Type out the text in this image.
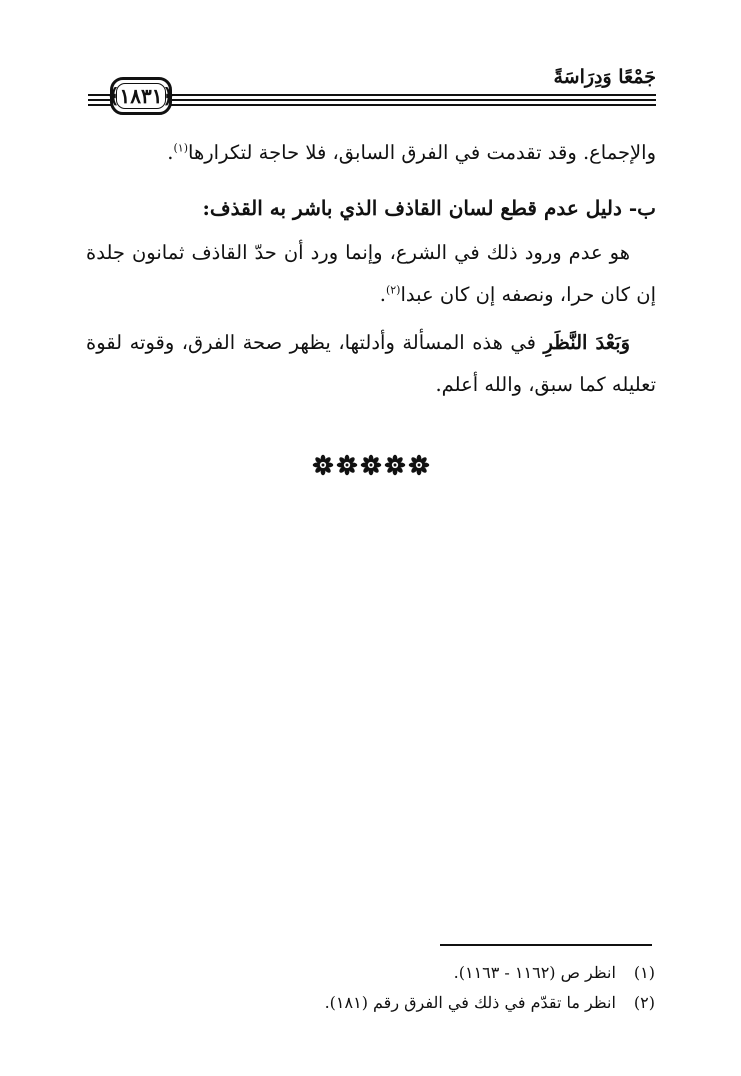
جَمْعًا وَدِرَاسَةً
﴿١٨٣١﴾
والإجماع. وقد تقدمت في الفرق السابق، فلا حاجة لتكرارها$^{(١)}$.
ب- دليل عدم قطع لسان القاذف الذي باشر به القذف:
هو عدم ورود ذلك في الشرع، وإنما ورد أن حدّ القاذف ثمانون جلدة إن كان حرا، ونصفه إن كان عبدا$^{(٢)}$.
وَبَعْدَ النَّظَرِ في هذه المسألة وأدلتها، يظهر صحة الفرق، وقوته لقوة تعليله كما سبق، والله أعلم.
(١) انظر ص (١١٦٢ - ١١٦٣).
(٢) انظر ما تقدّم في ذلك في الفرق رقم (١٨١).
